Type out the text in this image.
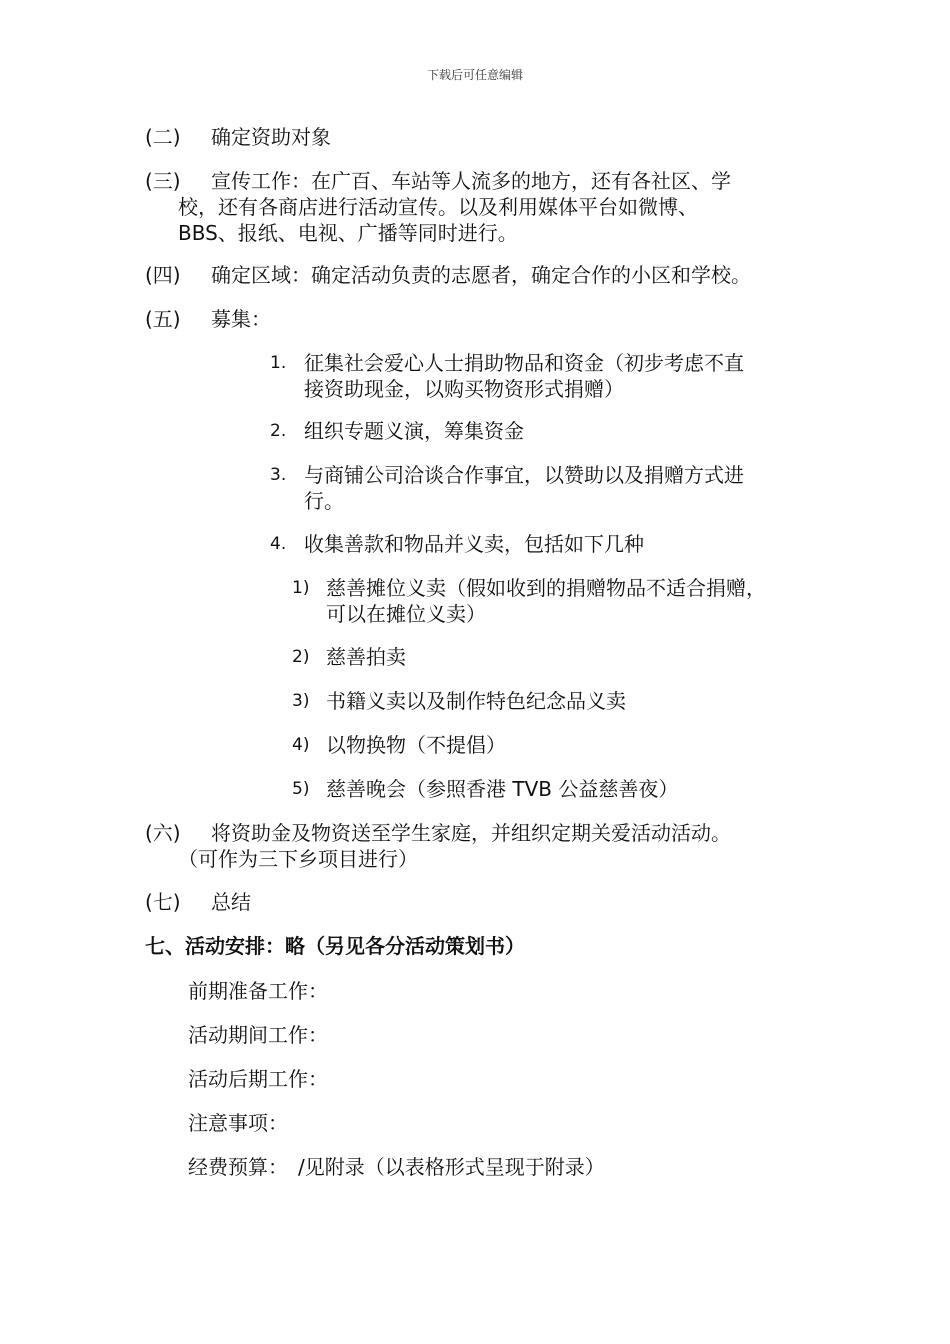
下载后可任意编辑
(二) 确定资助对象
(三) 宣传工作：在广百、车站等人流多的地方，还有各社区、学
校，还有各商店进行活动宣传。以及利用媒体平台如微博、
BBS、报纸、电视、广播等同时进行。
(四) 确定区域：确定活动负责的志愿者，确定合作的小区和学校。
(五) 募集：
1. 征集社会爱心人士捐助物品和资金（初步考虑不直
接资助现金，以购买物资形式捐赠）
2. 组织专题义演，筹集资金
3. 与商铺公司洽谈合作事宜，以赞助以及捐赠方式进
行。
4. 收集善款和物品并义卖，包括如下几种
1) 慈善摊位义卖（假如收到的捐赠物品不适合捐赠，
可以在摊位义卖）
2) 慈善拍卖
3) 书籍义卖以及制作特色纪念品义卖
4) 以物换物（不提倡）
5) 慈善晚会（参照香港 TVB 公益慈善夜）
(六) 将资助金及物资送至学生家庭，并组织定期关爱活动活动。
（可作为三下乡项目进行）
(七) 总结
七、活动安排：略（另见各分活动策划书）
前期准备工作：
活动期间工作：
活动后期工作：
注意事项：
经费预算：　/见附录（以表格形式呈现于附录）
